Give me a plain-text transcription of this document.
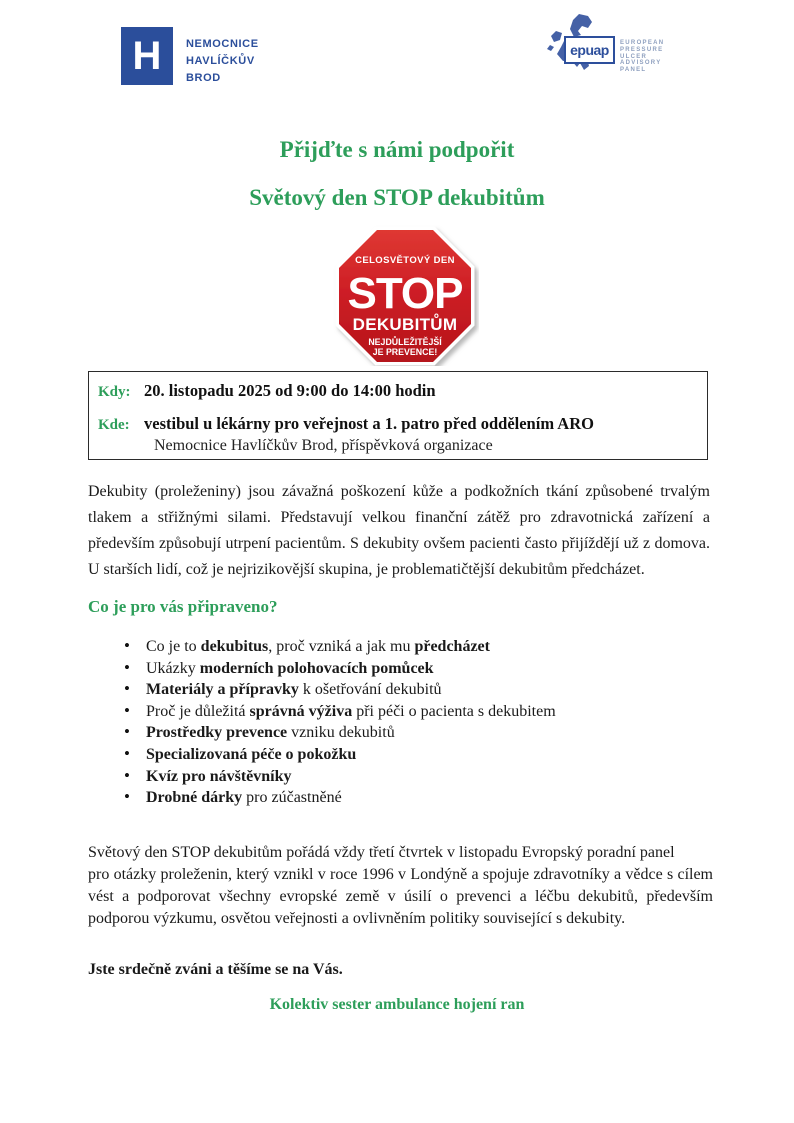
H	NEMOCNICE
HAVLÍČKŮV
BROD
epuap	EUROPEAN
PRESSURE
ULCER
ADVISORY
PANEL
Přijďte s námi podpořit
Světový den STOP dekubitům
CELOSVĚTOVÝ DEN
STOP
DEKUBITŮM
NEJDŮLEŽITĚJŠÍ
JE PREVENCE!
Kdy: 20. listopadu 2025 od 9:00 do 14:00 hodin
Kde: vestibul u lékárny pro veřejnost a 1. patro před oddělením ARO
Nemocnice Havlíčkův Brod, příspěvková organizace
Dekubity (proleženiny) jsou závažná poškození kůže a podkožních tkání způsobené trvalým tlakem a střižnými silami. Představují velkou finanční zátěž pro zdravotnická zařízení a především způsobují utrpení pacientům. S dekubity ovšem pacienti často přijíždějí už z domova. U starších lidí, což je nejrizikovější skupina, je problematičtější dekubitům předcházet.
Co je pro vás připraveno?
• Co je to dekubitus, proč vzniká a jak mu předcházet
• Ukázky moderních polohovacích pomůcek
• Materiály a přípravky k ošetřování dekubitů
• Proč je důležitá správná výživa při péči o pacienta s dekubitem
• Prostředky prevence vzniku dekubitů
• Specializovaná péče o pokožku
• Kvíz pro návštěvníky
• Drobné dárky pro zúčastněné
Světový den STOP dekubitům pořádá vždy třetí čtvrtek v listopadu Evropský poradní panel
pro otázky proleženin, který vznikl v roce 1996 v Londýně a spojuje zdravotníky a vědce s cílem vést a podporovat všechny evropské země v úsilí o prevenci a léčbu dekubitů, především podporou výzkumu, osvětou veřejnosti a ovlivněním politiky související s dekubity.
Jste srdečně zváni a těšíme se na Vás.
Kolektiv sester ambulance hojení ran
